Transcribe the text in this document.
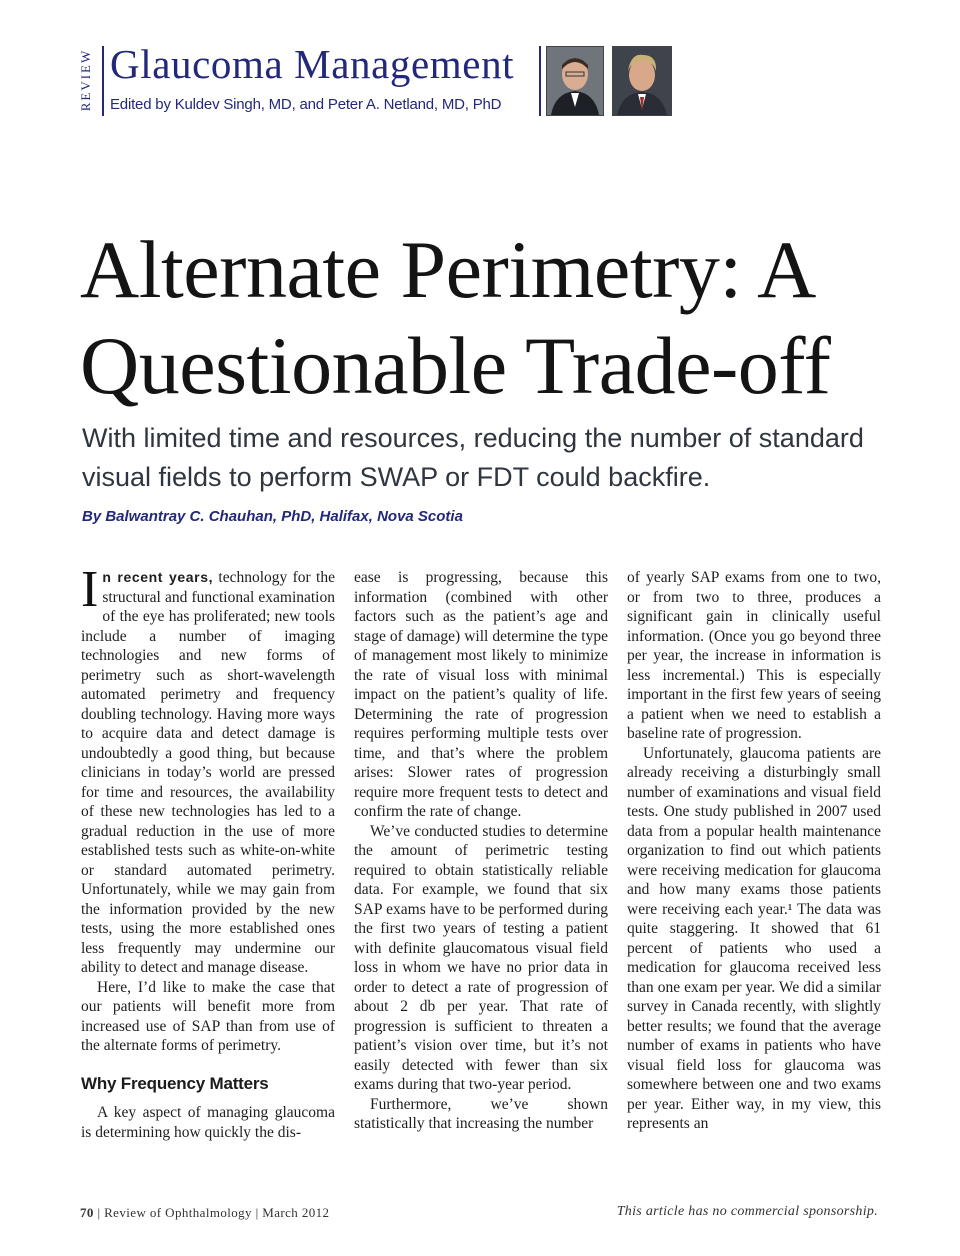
REVIEW Glaucoma Management
Edited by Kuldev Singh, MD, and Peter A. Netland, MD, PhD
Alternate Perimetry: A
Questionable Trade-off
With limited time and resources, reducing the number of standard visual fields to perform SWAP or FDT could backfire.
By Balwantray C. Chauhan, PhD, Halifax, Nova Scotia

In recent years, technology for the structural and functional examination of the eye has proliferated; new tools include a number of imaging technologies and new forms of perimetry such as short-wavelength automated perimetry and frequency doubling technology. Having more ways to acquire data and detect damage is undoubtedly a good thing, but because clinicians in today’s world are pressed for time and resources, the availability of these new technologies has led to a gradual reduction in the use of more established tests such as white-on-white or standard automated perimetry. Unfortunately, while we may gain from the information provided by the new tests, using the more established ones less frequently may undermine our ability to detect and manage disease.

Here, I’d like to make the case that our patients will benefit more from increased use of SAP than from use of the alternate forms of perimetry.

Why Frequency Matters

A key aspect of managing glaucoma is determining how quickly the dis-

ease is progressing, because this information (combined with other factors such as the patient’s age and stage of damage) will determine the type of management most likely to minimize the rate of visual loss with minimal impact on the patient’s quality of life. Determining the rate of progression requires performing multiple tests over time, and that’s where the problem arises: Slower rates of progression require more frequent tests to detect and confirm the rate of change.

We’ve conducted studies to determine the amount of perimetric testing required to obtain statistically reliable data. For example, we found that six SAP exams have to be performed during the first two years of testing a patient with definite glaucomatous visual field loss in whom we have no prior data in order to detect a rate of progression of about 2 db per year. That rate of progression is sufficient to threaten a patient’s vision over time, but it’s not easily detected with fewer than six exams during that two-year period.

Furthermore, we’ve shown statistically that increasing the number

of yearly SAP exams from one to two, or from two to three, produces a significant gain in clinically useful information. (Once you go beyond three per year, the increase in information is less incremental.) This is especially important in the first few years of seeing a patient when we need to establish a baseline rate of progression.

Unfortunately, glaucoma patients are already receiving a disturbingly small number of examinations and visual field tests. One study published in 2007 used data from a popular health maintenance organization to find out which patients were receiving medication for glaucoma and how many exams those patients were receiving each year.¹ The data was quite staggering. It showed that 61 percent of patients who used a medication for glaucoma received less than one exam per year. We did a similar survey in Canada recently, with slightly better results; we found that the average number of exams in patients who have visual field loss for glaucoma was somewhere between one and two exams per year. Either way, in my view, this represents an

70 | Review of Ophthalmology | March 2012	This article has no commercial sponsorship.
